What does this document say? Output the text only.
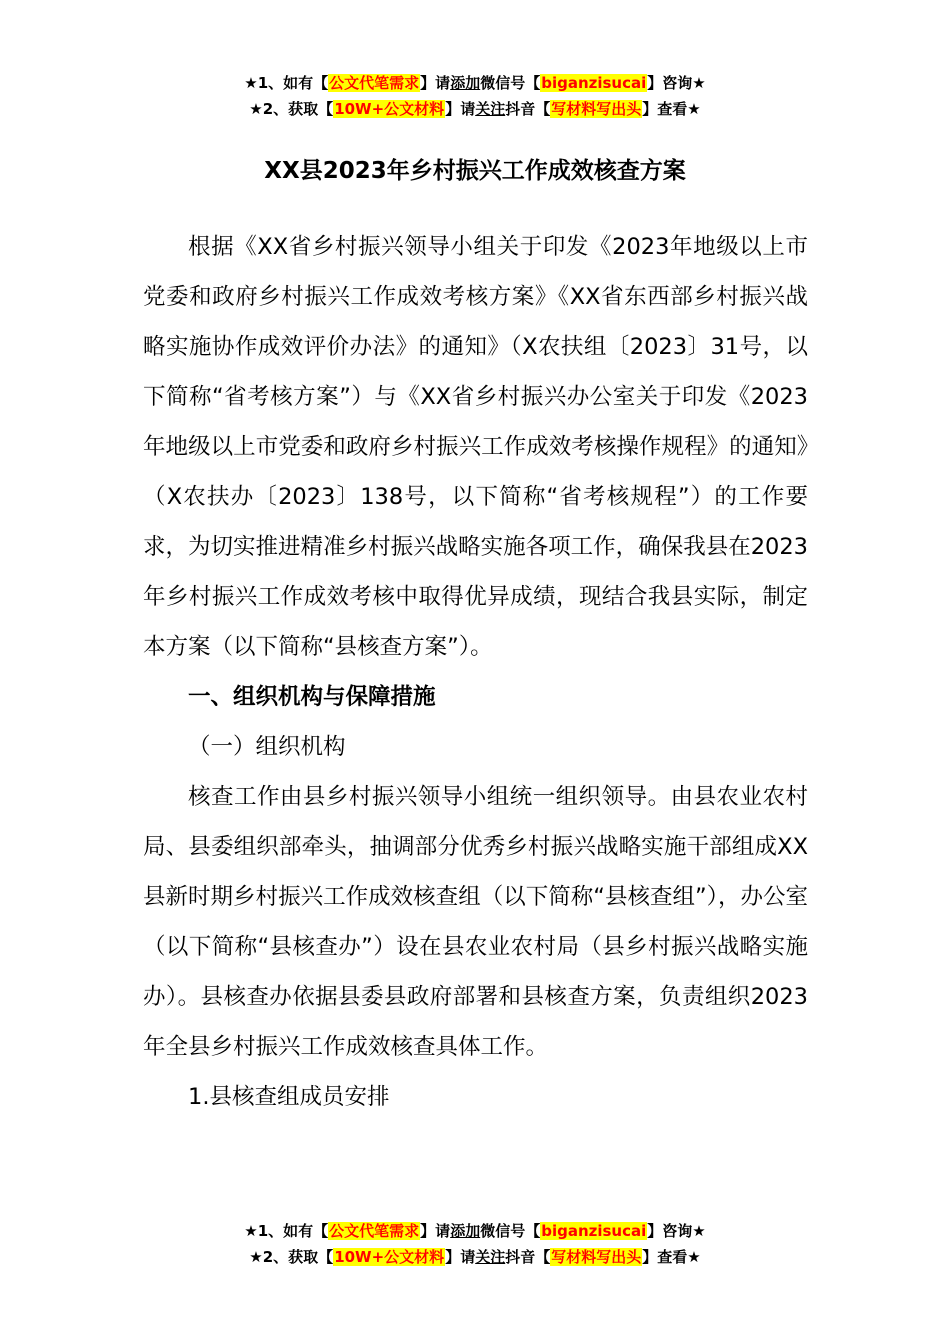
★1、如有【公文代笔需求】请添加微信号【biganzisucai】咨询★
★2、获取【10W+公文材料】请关注抖音【写材料写出头】查看★
XX县2023年乡村振兴工作成效核查方案

根据《XX省乡村振兴领导小组关于印发《2023年地级以上市党委和政府乡村振兴工作成效考核方案》《XX省东西部乡村振兴战略实施协作成效评价办法》的通知》（X农扶组〔2023〕31号，以下简称“省考核方案”）与《XX省乡村振兴办公室关于印发《2023年地级以上市党委和政府乡村振兴工作成效考核操作规程》的通知》（X农扶办〔2023〕138号，以下简称“省考核规程”）的工作要求，为切实推进精准乡村振兴战略实施各项工作，确保我县在2023年乡村振兴工作成效考核中取得优异成绩，现结合我县实际，制定本方案（以下简称“县核查方案”）。

一、组织机构与保障措施

（一）组织机构

核查工作由县乡村振兴领导小组统一组织领导。由县农业农村局、县委组织部牵头，抽调部分优秀乡村振兴战略实施干部组成XX县新时期乡村振兴工作成效核查组（以下简称“县核查组”），办公室（以下简称“县核查办”）设在县农业农村局（县乡村振兴战略实施办）。县核查办依据县委县政府部署和县核查方案，负责组织2023年全县乡村振兴工作成效核查具体工作。

1.县核查组成员安排

★1、如有【公文代笔需求】请添加微信号【biganzisucai】咨询★
★2、获取【10W+公文材料】请关注抖音【写材料写出头】查看★
